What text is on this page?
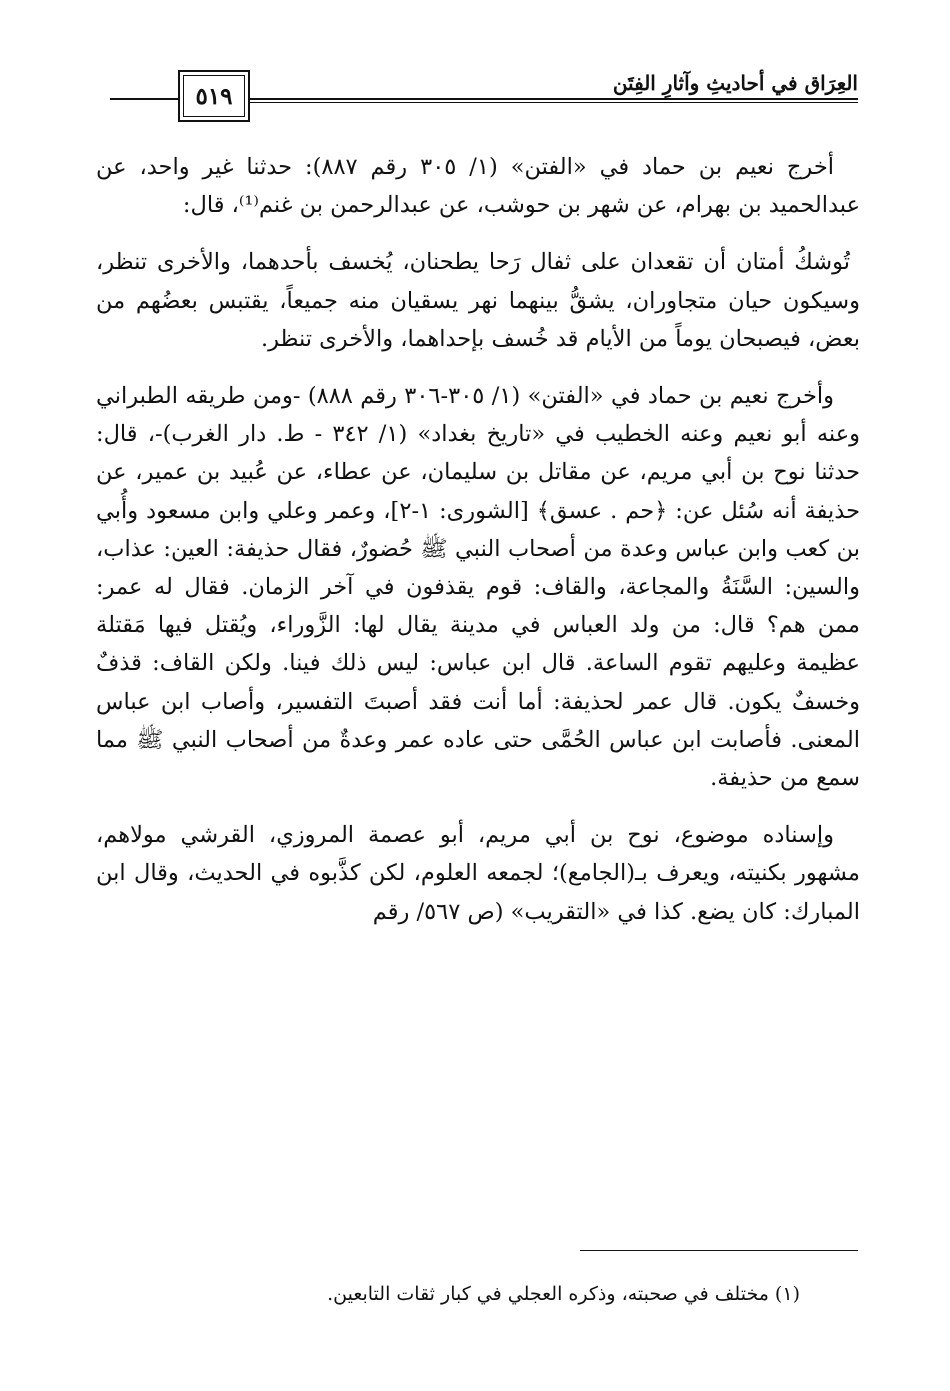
٥١٩	العِرَاق في أحاديثِ وآثارِ الفِتَن

أخرج نعيم بن حماد في «الفتن» (١/ ٣٠٥ رقم ٨٨٧): حدثنا غير واحد، عن عبدالحميد بن بهرام، عن شهر بن حوشب، عن عبدالرحمن بن غنم⁽¹⁾، قال:

تُوشكُ أمتان أن تقعدان على ثفال رَحا يطحنان، يُخسف بأحدهما، والأخرى تنظر، وسيكون حيان متجاوران، يشقُّ بينهما نهر يسقيان منه جميعاً، يقتبس بعضُهم من بعض، فيصبحان يوماً من الأيام قد خُسف بإحداهما، والأخرى تنظر.

وأخرج نعيم بن حماد في «الفتن» (١/ ٣٠٥-٣٠٦ رقم ٨٨٨) -ومن طريقه الطبراني وعنه أبو نعيم وعنه الخطيب في «تاريخ بغداد» (١/ ٣٤٢ - ط. دار الغرب)-، قال: حدثنا نوح بن أبي مريم، عن مقاتل بن سليمان، عن عطاء، عن عُبيد بن عمير، عن حذيفة أنه سُئل عن: ﴿حم . عسق﴾ [الشورى: ١-٢]، وعمر وعلي وابن مسعود وأُبي بن كعب وابن عباس وعدة من أصحاب النبي ﷺ حُضورٌ، فقال حذيفة: العين: عذاب، والسين: السَّنَةُ والمجاعة، والقاف: قوم يقذفون في آخر الزمان. فقال له عمر: ممن هم؟ قال: من ولد العباس في مدينة يقال لها: الزَّوراء، ويُقتل فيها مَقتلة عظيمة وعليهم تقوم الساعة. قال ابن عباس: ليس ذلك فينا. ولكن القاف: قذفٌ وخسفٌ يكون. قال عمر لحذيفة: أما أنت فقد أصبتَ التفسير، وأصاب ابن عباس المعنى. فأصابت ابن عباس الحُمَّى حتى عاده عمر وعدةٌ من أصحاب النبي ﷺ مما سمع من حذيفة.

وإسناده موضوع، نوح بن أبي مريم، أبو عصمة المروزي، القرشي مولاهم، مشهور بكنيته، ويعرف بـ(الجامع)؛ لجمعه العلوم، لكن كذَّبوه في الحديث، وقال ابن المبارك: كان يضع. كذا في «التقريب» (ص ٥٦٧/ رقم

(١) مختلف في صحبته، وذكره العجلي في كبار ثقات التابعين.
